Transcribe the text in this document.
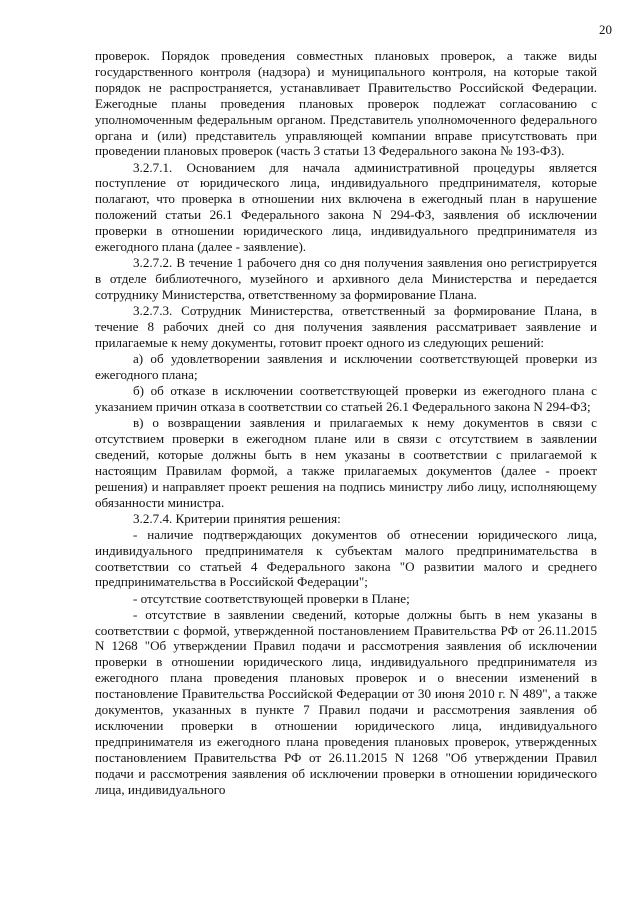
20

проверок. Порядок проведения совместных плановых проверок, а также виды государственного контроля (надзора) и муниципального контроля, на которые такой порядок не распространяется, устанавливает Правительство Российской Федерации. Ежегодные планы проведения плановых проверок подлежат согласованию с уполномоченным федеральным органом. Представитель уполномоченного федерального органа и (или) представитель управляющей компании вправе присутствовать при проведении плановых проверок (часть 3 статьи 13 Федерального закона № 193-ФЗ).

3.2.7.1. Основанием для начала административной процедуры является поступление от юридического лица, индивидуального предпринимателя, которые полагают, что проверка в отношении них включена в ежегодный план в нарушение положений статьи 26.1 Федерального закона N 294-ФЗ, заявления об исключении проверки в отношении юридического лица, индивидуального предпринимателя из ежегодного плана (далее - заявление).

3.2.7.2. В течение 1 рабочего дня со дня получения заявления оно регистрируется в отделе библиотечного, музейного и архивного дела Министерства и передается сотруднику Министерства, ответственному за формирование Плана.

3.2.7.3. Сотрудник Министерства, ответственный за формирование Плана, в течение 8 рабочих дней со дня получения заявления рассматривает заявление и прилагаемые к нему документы, готовит проект одного из следующих решений:

а) об удовлетворении заявления и исключении соответствующей проверки из ежегодного плана;

б) об отказе в исключении соответствующей проверки из ежегодного плана с указанием причин отказа в соответствии со статьей 26.1 Федерального закона N 294-ФЗ;

в) о возвращении заявления и прилагаемых к нему документов в связи с отсутствием проверки в ежегодном плане или в связи с отсутствием в заявлении сведений, которые должны быть в нем указаны в соответствии с прилагаемой к настоящим Правилам формой, а также прилагаемых документов (далее - проект решения) и направляет проект решения на подпись министру либо лицу, исполняющему обязанности министра.

3.2.7.4. Критерии принятия решения:

- наличие подтверждающих документов об отнесении юридического лица, индивидуального предпринимателя к субъектам малого предпринимательства в соответствии со статьей 4 Федерального закона "О развитии малого и среднего предпринимательства в Российской Федерации";

- отсутствие соответствующей проверки в Плане;

- отсутствие в заявлении сведений, которые должны быть в нем указаны в соответствии с формой, утвержденной постановлением Правительства РФ от 26.11.2015 N 1268 "Об утверждении Правил подачи и рассмотрения заявления об исключении проверки в отношении юридического лица, индивидуального предпринимателя из ежегодного плана проведения плановых проверок и о внесении изменений в постановление Правительства Российской Федерации от 30 июня 2010 г. N 489", а также документов, указанных в пункте 7 Правил подачи и рассмотрения заявления об исключении проверки в отношении юридического лица, индивидуального предпринимателя из ежегодного плана проведения плановых проверок, утвержденных постановлением Правительства РФ от 26.11.2015 N 1268 "Об утверждении Правил подачи и рассмотрения заявления об исключении проверки в отношении юридического лица, индивидуального
